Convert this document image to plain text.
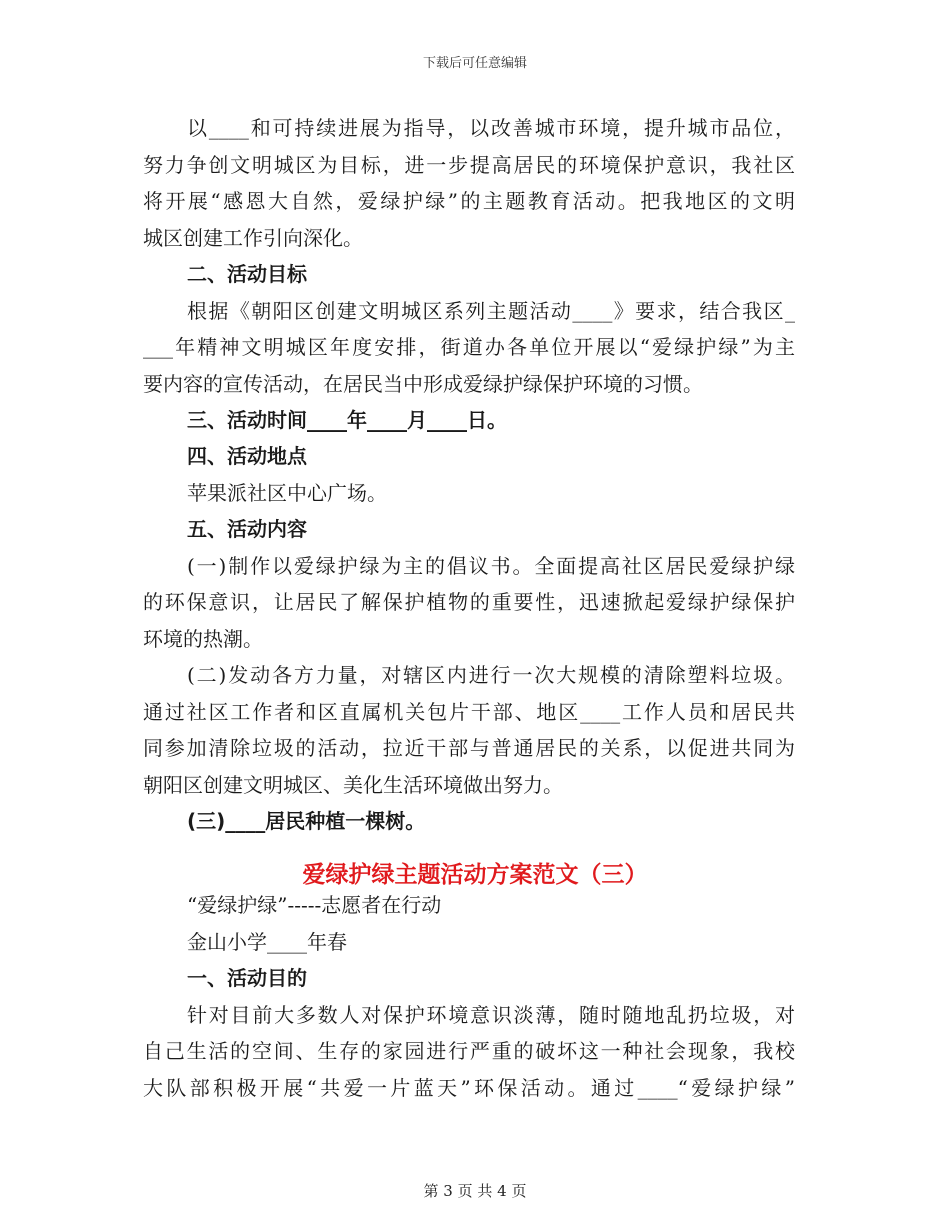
下载后可任意编辑
以____和可持续进展为指导，以改善城市环境，提升城市品位，
努力争创文明城区为目标，进一步提高居民的环境保护意识，我社区
将开展“感恩大自然，爱绿护绿”的主题教育活动。把我地区的文明
城区创建工作引向深化。
二、活动目标
根据《朝阳区创建文明城区系列主题活动____》要求，结合我区_
___年精神文明城区年度安排，街道办各单位开展以“爱绿护绿”为主
要内容的宣传活动，在居民当中形成爱绿护绿保护环境的习惯。
三、活动时间____年____月____日。
四、活动地点
苹果派社区中心广场。
五、活动内容
(一)制作以爱绿护绿为主的倡议书。全面提高社区居民爱绿护绿
的环保意识，让居民了解保护植物的重要性，迅速掀起爱绿护绿保护
环境的热潮。
(二)发动各方力量，对辖区内进行一次大规模的清除塑料垃圾。
通过社区工作者和区直属机关包片干部、地区____工作人员和居民共
同参加清除垃圾的活动，拉近干部与普通居民的关系，以促进共同为
朝阳区创建文明城区、美化生活环境做出努力。
(三)____居民种植一棵树。
“爱绿护绿”-----志愿者在行动
金山小学____年春
一、活动目的
针对目前大多数人对保护环境意识淡薄，随时随地乱扔垃圾，对
自己生活的空间、生存的家园进行严重的破坏这一种社会现象，我校
大队部积极开展“共爱一片蓝天”环保活动。通过____“爱绿护绿”
爱绿护绿主题活动方案范文（三）
第 3 页 共 4 页
